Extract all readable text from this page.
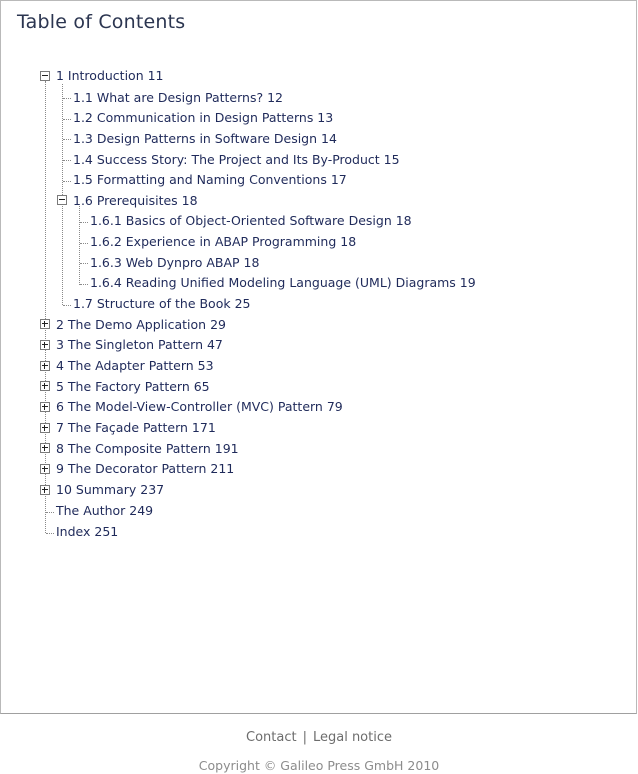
Table of Contents
1 Introduction 11
1.1 What are Design Patterns? 12
1.2 Communication in Design Patterns 13
1.3 Design Patterns in Software Design 14
1.4 Success Story: The Project and Its By-Product 15
1.5 Formatting and Naming Conventions 17
1.6 Prerequisites 18
1.6.1 Basics of Object-Oriented Software Design 18
1.6.2 Experience in ABAP Programming 18
1.6.3 Web Dynpro ABAP 18
1.6.4 Reading Unified Modeling Language (UML) Diagrams 19
1.7 Structure of the Book 25
2 The Demo Application 29
3 The Singleton Pattern 47
4 The Adapter Pattern 53
5 The Factory Pattern 65
6 The Model-View-Controller (MVC) Pattern 79
7 The Façade Pattern 171
8 The Composite Pattern 191
9 The Decorator Pattern 211
10 Summary 237
The Author 249
Index 251
Contact | Legal notice
Copyright © Galileo Press GmbH 2010
